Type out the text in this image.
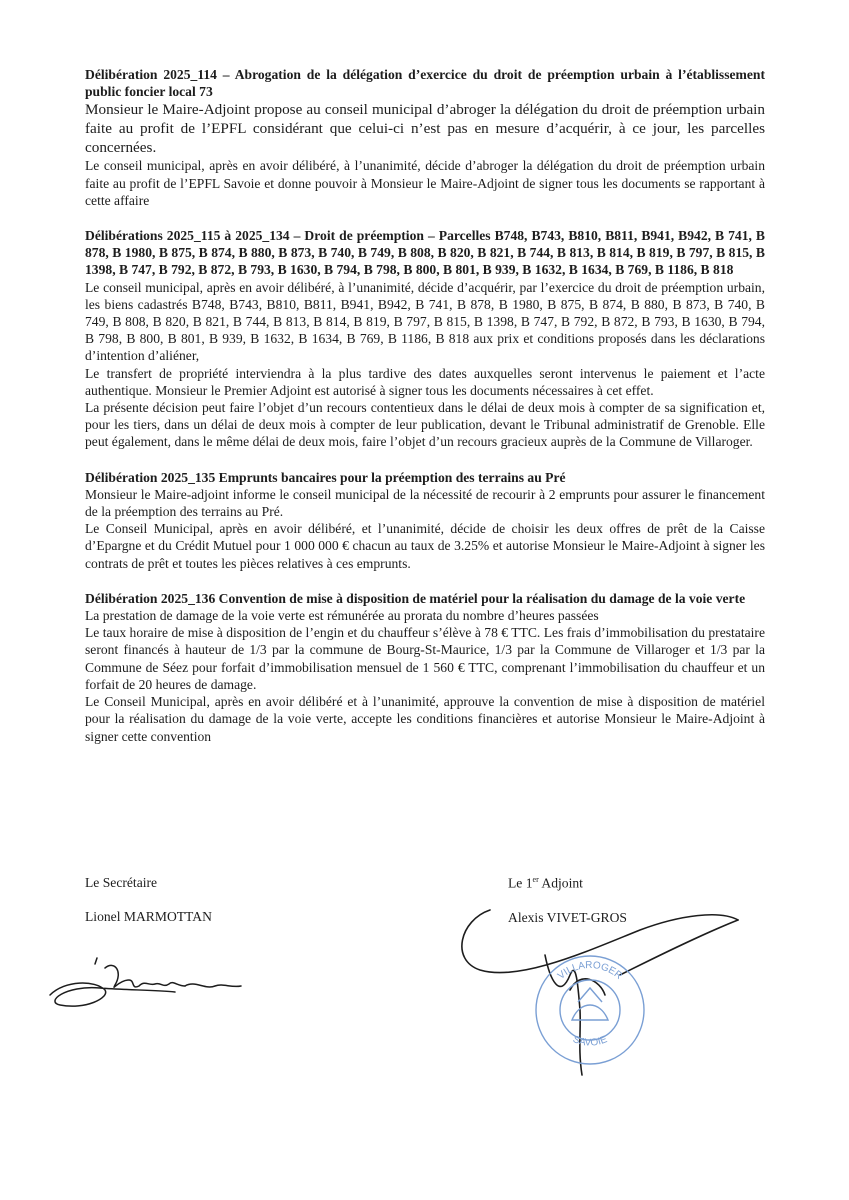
Délibération 2025_114 – Abrogation de la délégation d’exercice du droit de préemption urbain à l’établissement public foncier local 73

Monsieur le Maire-Adjoint propose au conseil municipal d’abroger la délégation du droit de préemption urbain faite au profit de l’EPFL considérant que celui-ci n’est pas en mesure d’acquérir, à ce jour, les parcelles concernées.

Le conseil municipal, après en avoir délibéré, à l’unanimité, décide d’abroger la délégation du droit de préemption urbain faite au profit de l’EPFL Savoie et donne pouvoir à Monsieur le Maire-Adjoint de signer tous les documents se rapportant à cette affaire

Délibérations 2025_115 à 2025_134 – Droit de préemption – Parcelles B748, B743, B810, B811, B941, B942, B 741, B 878, B 1980, B 875, B 874, B 880, B 873, B 740, B 749, B 808, B 820, B 821, B 744, B 813, B 814, B 819, B 797, B 815, B 1398, B 747, B 792, B 872, B 793, B 1630, B 794, B 798, B 800, B 801, B 939, B 1632, B 1634, B 769, B 1186, B 818

Le conseil municipal, après en avoir délibéré, à l’unanimité, décide d’acquérir, par l’exercice du droit de préemption urbain, les biens cadastrés B748, B743, B810, B811, B941, B942, B 741, B 878, B 1980, B 875, B 874, B 880, B 873, B 740, B 749, B 808, B 820, B 821, B 744, B 813, B 814, B 819, B 797, B 815, B 1398, B 747, B 792, B 872, B 793, B 1630, B 794, B 798, B 800, B 801, B 939, B 1632, B 1634, B 769, B 1186, B 818 aux prix et conditions proposés dans les déclarations d’intention d’aliéner,

Le transfert de propriété interviendra à la plus tardive des dates auxquelles seront intervenus le paiement et l’acte authentique. Monsieur le Premier Adjoint est autorisé à signer tous les documents nécessaires à cet effet.

La présente décision peut faire l’objet d’un recours contentieux dans le délai de deux mois à compter de sa signification et, pour les tiers, dans un délai de deux mois à compter de leur publication, devant le Tribunal administratif de Grenoble. Elle peut également, dans le même délai de deux mois, faire l’objet d’un recours gracieux auprès de la Commune de Villaroger.

Délibération 2025_135 Emprunts bancaires pour la préemption des terrains au Pré

Monsieur le Maire-adjoint informe le conseil municipal de la nécessité de recourir à 2 emprunts pour assurer le financement de la préemption des terrains au Pré.

Le Conseil Municipal, après en avoir délibéré, et l’unanimité, décide de choisir les deux offres de prêt de la Caisse d’Epargne et du Crédit Mutuel pour 1 000 000 € chacun au taux de 3.25% et autorise Monsieur le Maire-Adjoint à signer les contrats de prêt et toutes les pièces relatives à ces emprunts.

Délibération 2025_136 Convention de mise à disposition de matériel pour la réalisation du damage de la voie verte

La prestation de damage de la voie verte est rémunérée au prorata du nombre d’heures passées

Le taux horaire de mise à disposition de l’engin et du chauffeur s’élève à 78 € TTC. Les frais d’immobilisation du prestataire seront financés à hauteur de 1/3 par la commune de Bourg-St-Maurice, 1/3 par la Commune de Villaroger et 1/3 par la Commune de Séez pour forfait d’immobilisation mensuel de 1 560 € TTC, comprenant l’immobilisation du chauffeur et un forfait de 20 heures de damage.

Le Conseil Municipal, après en avoir délibéré et à l’unanimité, approuve la convention de mise à disposition de matériel pour la réalisation du damage de la voie verte, accepte les conditions financières et autorise Monsieur le Maire-Adjoint à signer cette convention

Le Secrétaire

Lionel MARMOTTAN

Le 1er Adjoint

Alexis VIVET-GROS

VILLAROGER
SAVOIE
